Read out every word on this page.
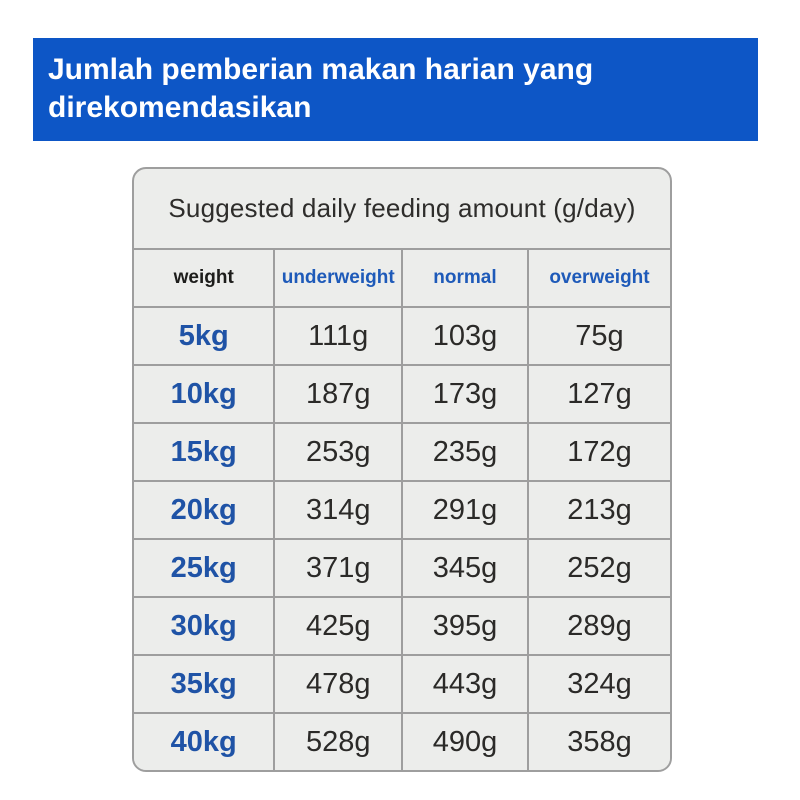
Jumlah pemberian makan harian yang
direkomendasikan
Suggested daily feeding amount (g/day)
weight	underweight	normal	overweight
5kg	111g	103g	75g
10kg	187g	173g	127g
15kg	253g	235g	172g
20kg	314g	291g	213g
25kg	371g	345g	252g
30kg	425g	395g	289g
35kg	478g	443g	324g
40kg	528g	490g	358g
